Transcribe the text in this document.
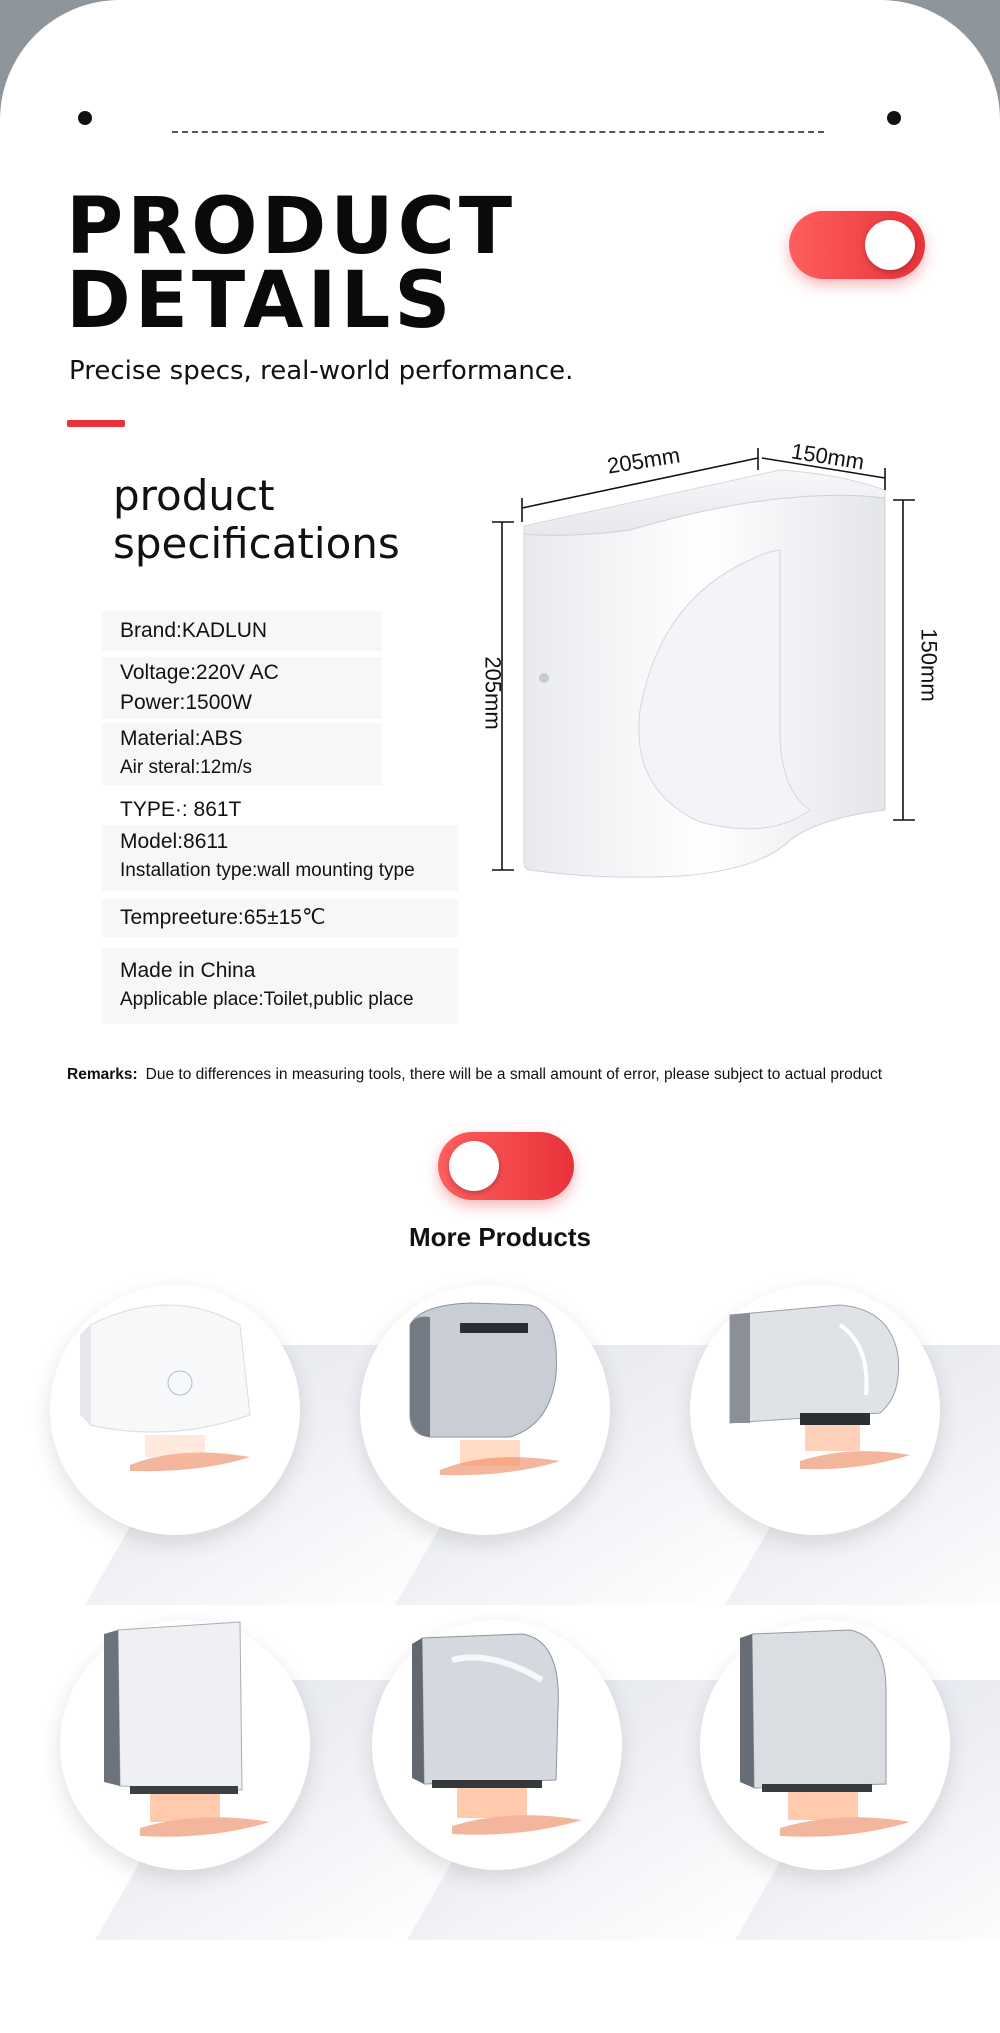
PRODUCT
DETAILS
Precise specs, real-world performance.
product
specifications
Brand:KADLUN
Voltage:220V AC
Power:1500W
Material:ABS
Air steral:12m/s
TYPE·: 861T
Model:8611
Installation type:wall mounting type
Tempreeture:65±15℃
Made in China
Applicable place:Toilet,public place
205mm	150mm
205mm	150mm
Remarks: Due to differences in measuring tools, there will be a small amount of error, please subject to actual product
More Products
